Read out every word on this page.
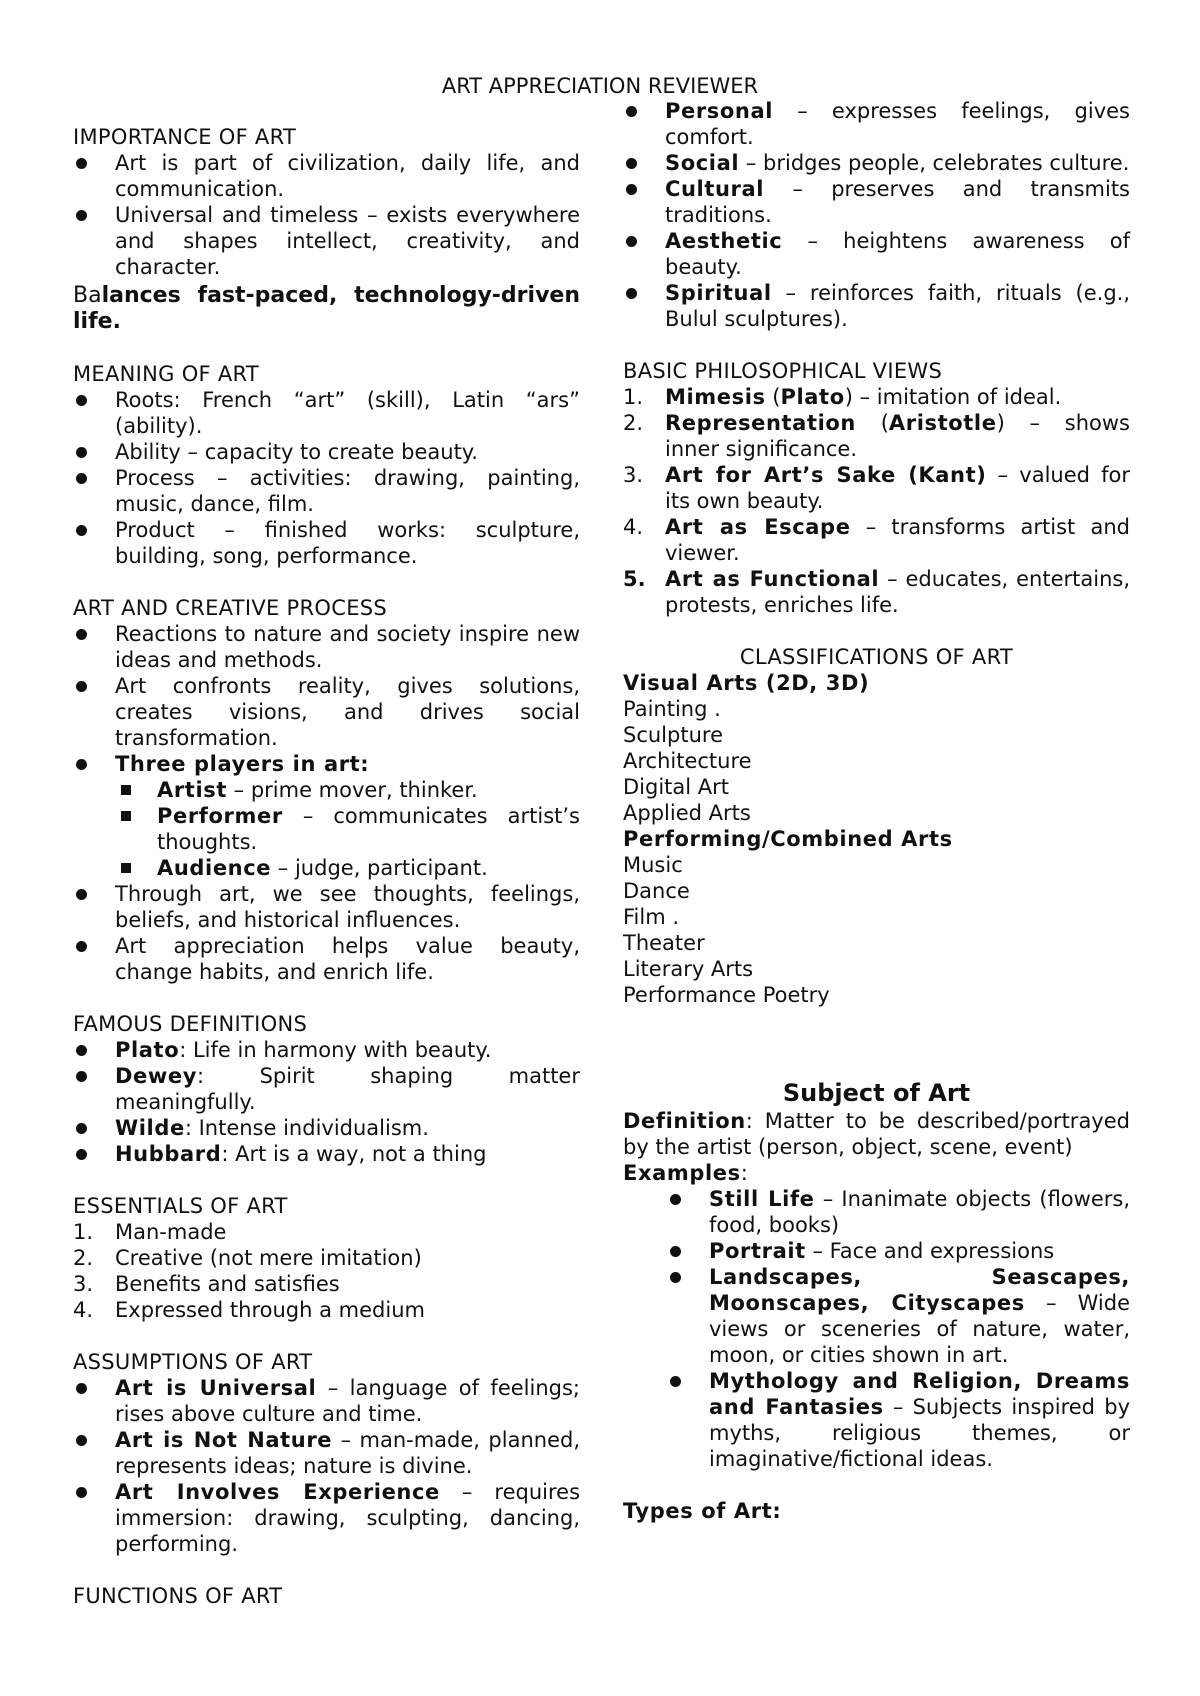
ART APPRECIATION REVIEWER
IMPORTANCE OF ART
Art is part of civilization, daily life, and communication.
Universal and timeless – exists everywhere and shapes intellect, creativity, and character.

Balances fast-paced, technology-driven life.

MEANING OF ART
Roots: French “art” (skill), Latin “ars” (ability).
Ability – capacity to create beauty.
Process – activities: drawing, painting, music, dance, film.
Product – finished works: sculpture, building, song, performance.
ART AND CREATIVE PROCESS
Reactions to nature and society inspire new ideas and methods.
Art confronts reality, gives solutions, creates visions, and drives social transformation.
Three players in art:
Artist – prime mover, thinker.
Performer – communicates artist’s thoughts.
Audience – judge, participant.
Through art, we see thoughts, feelings, beliefs, and historical influences.
Art appreciation helps value beauty, change habits, and enrich life.
FAMOUS DEFINITIONS
Plato: Life in harmony with beauty.
Dewey: Spirit shaping matter meaningfully.
Wilde: Intense individualism.
Hubbard: Art is a way, not a thing
ESSENTIALS OF ART
1. Man-made
2. Creative (not mere imitation)
3. Benefits and satisfies
4. Expressed through a medium
ASSUMPTIONS OF ART
Art is Universal – language of feelings; rises above culture and time.
Art is Not Nature – man-made, planned, represents ideas; nature is divine.
Art Involves Experience – requires immersion: drawing, sculpting, dancing, performing.
FUNCTIONS OF ART
Personal – expresses feelings, gives comfort.
Social – bridges people, celebrates culture.
Cultural – preserves and transmits traditions.
Aesthetic – heightens awareness of beauty.
Spiritual – reinforces faith, rituals (e.g., Bulul sculptures).
BASIC PHILOSOPHICAL VIEWS
1. Mimesis (Plato) – imitation of ideal.
2. Representation (Aristotle) – shows inner significance.
3. Art for Art’s Sake (Kant) – valued for its own beauty.
4. Art as Escape – transforms artist and viewer.
5. Art as Functional – educates, entertains, protests, enriches life.
CLASSIFICATIONS OF ART

Visual Arts (2D, 3D)

Painting .

Sculpture

Architecture

Digital Art

Applied Arts

Performing/Combined Arts

Music

Dance

Film .

Theater

Literary Arts

Performance Poetry

Subject of Art

Definition: Matter to be described/portrayed by the artist (person, object, scene, event)

Examples:

Still Life – Inanimate objects (flowers, food, books)
Portrait – Face and expressions
Landscapes, Seascapes, Moonscapes, Cityscapes – Wide views or sceneries of nature, water, moon, or cities shown in art.
Mythology and Religion, Dreams and Fantasies – Subjects inspired by myths, religious themes, or imaginative/fictional ideas.

Types of Art:
